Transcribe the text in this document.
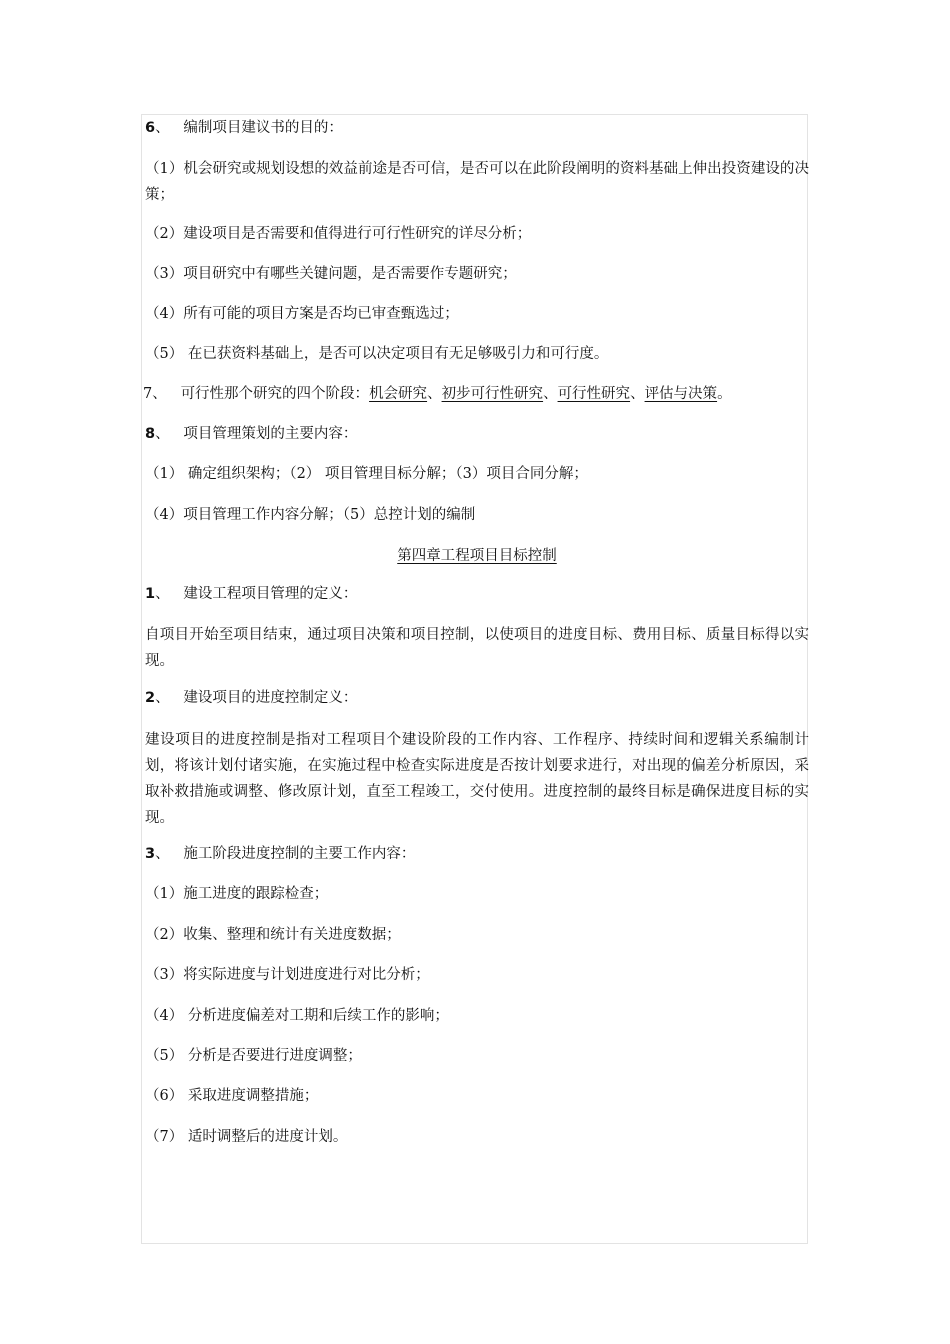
6、 编制项目建议书的目的：
（1）机会研究或规划设想的效益前途是否可信，是否可以在此阶段阐明的资料基础上伸出投资建设的决策；
（2）建设项目是否需要和值得进行可行性研究的详尽分析；
（3）项目研究中有哪些关键问题，是否需要作专题研究；
（4）所有可能的项目方案是否均已审查甄选过；
（5） 在已获资料基础上，是否可以决定项目有无足够吸引力和可行度。
7、 可行性那个研究的四个阶段：机会研究、初步可行性研究、可行性研究、评估与决策。
8、 项目管理策划的主要内容：
（1） 确定组织架构；（2） 项目管理目标分解；（3）项目合同分解；
（4）项目管理工作内容分解；（5）总控计划的编制
第四章工程项目目标控制
1、 建设工程项目管理的定义：
自项目开始至项目结束，通过项目决策和项目控制，以使项目的进度目标、费用目标、质量目标得以实现。
2、 建设项目的进度控制定义：
建设项目的进度控制是指对工程项目个建设阶段的工作内容、工作程序、持续时间和逻辑关系编制计划，将该计划付诸实施，在实施过程中检查实际进度是否按计划要求进行，对出现的偏差分析原因，采取补救措施或调整、修改原计划，直至工程竣工，交付使用。进度控制的最终目标是确保进度目标的实现。
3、 施工阶段进度控制的主要工作内容：
（1）施工进度的跟踪检查；
（2）收集、整理和统计有关进度数据；
（3）将实际进度与计划进度进行对比分析；
（4） 分析进度偏差对工期和后续工作的影响；
（5） 分析是否要进行进度调整；
（6） 采取进度调整措施；
（7） 适时调整后的进度计划。
